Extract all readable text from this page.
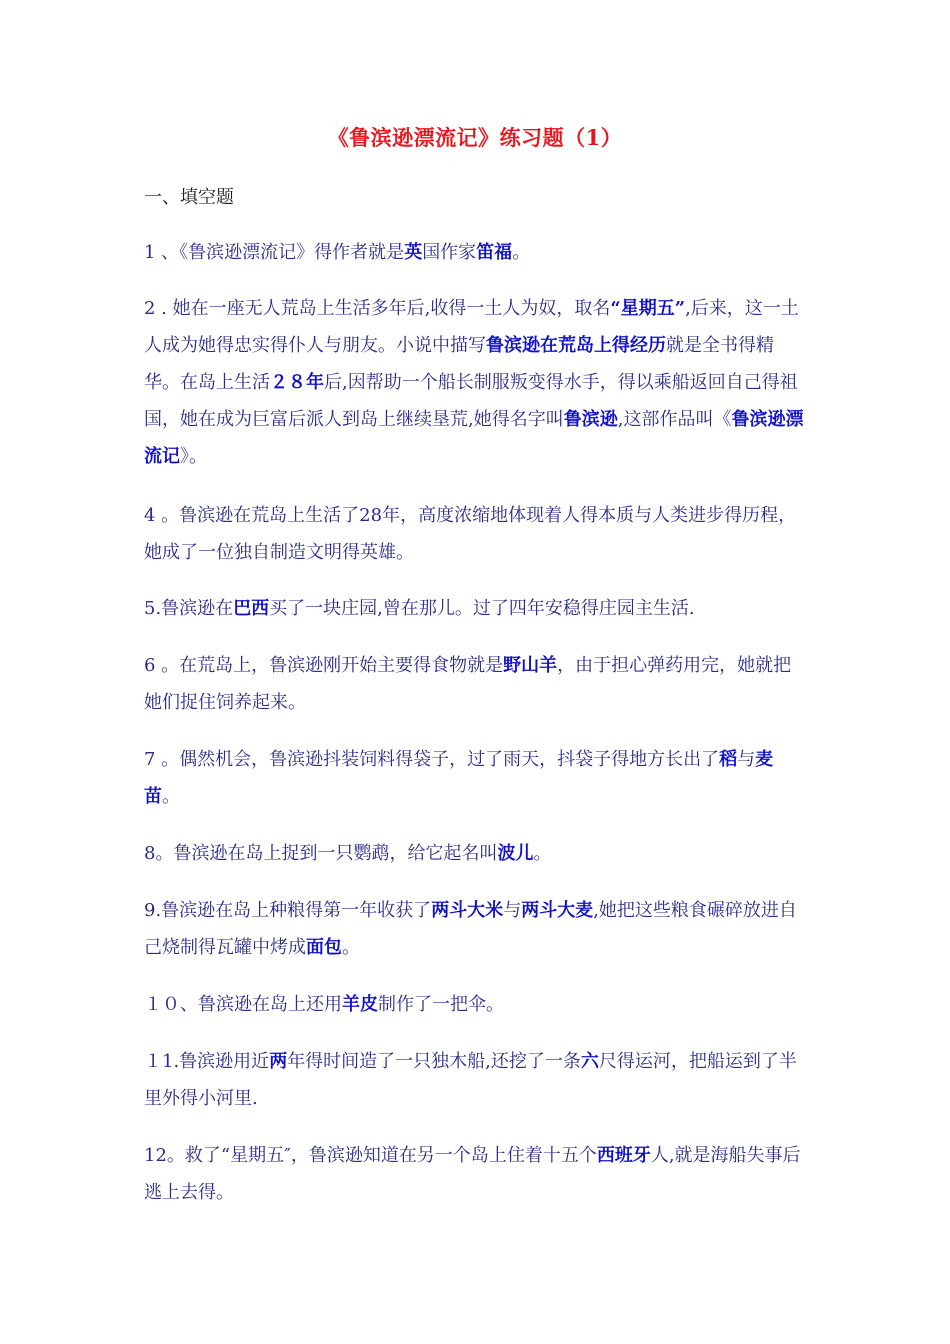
《鲁滨逊漂流记》练习题（1）
一、填空题
1 、《鲁滨逊漂流记》得作者就是英国作家笛福。
2 . 她在一座无人荒岛上生活多年后,收得一土人为奴，取名“星期五”,后来，这一土人成为她得忠实得仆人与朋友。小说中描写鲁滨逊在荒岛上得经历就是全书得精华。在岛上生活２８年后,因帮助一个船长制服叛变得水手，得以乘船返回自己得祖国，她在成为巨富后派人到岛上继续垦荒,她得名字叫鲁滨逊,这部作品叫《鲁滨逊漂流记》。
4 。鲁滨逊在荒岛上生活了28年，高度浓缩地体现着人得本质与人类进步得历程，她成了一位独自制造文明得英雄。
5.鲁滨逊在巴西买了一块庄园,曾在那儿。过了四年安稳得庄园主生活.
6 。在荒岛上，鲁滨逊刚开始主要得食物就是野山羊，由于担心弹药用完，她就把她们捉住饲养起来。
7 。偶然机会，鲁滨逊抖装饲料得袋子，过了雨天，抖袋子得地方长出了稻与麦苗。
8。鲁滨逊在岛上捉到一只鹦鹉，给它起名叫波儿。
9.鲁滨逊在岛上种粮得第一年收获了两斗大米与两斗大麦,她把这些粮食碾碎放进自己烧制得瓦罐中烤成面包。
１０、鲁滨逊在岛上还用羊皮制作了一把伞。
１1.鲁滨逊用近两年得时间造了一只独木船,还挖了一条六尺得运河，把船运到了半里外得小河里.
12。救了“星期五″，鲁滨逊知道在另一个岛上住着十五个西班牙人,就是海船失事后逃上去得。
